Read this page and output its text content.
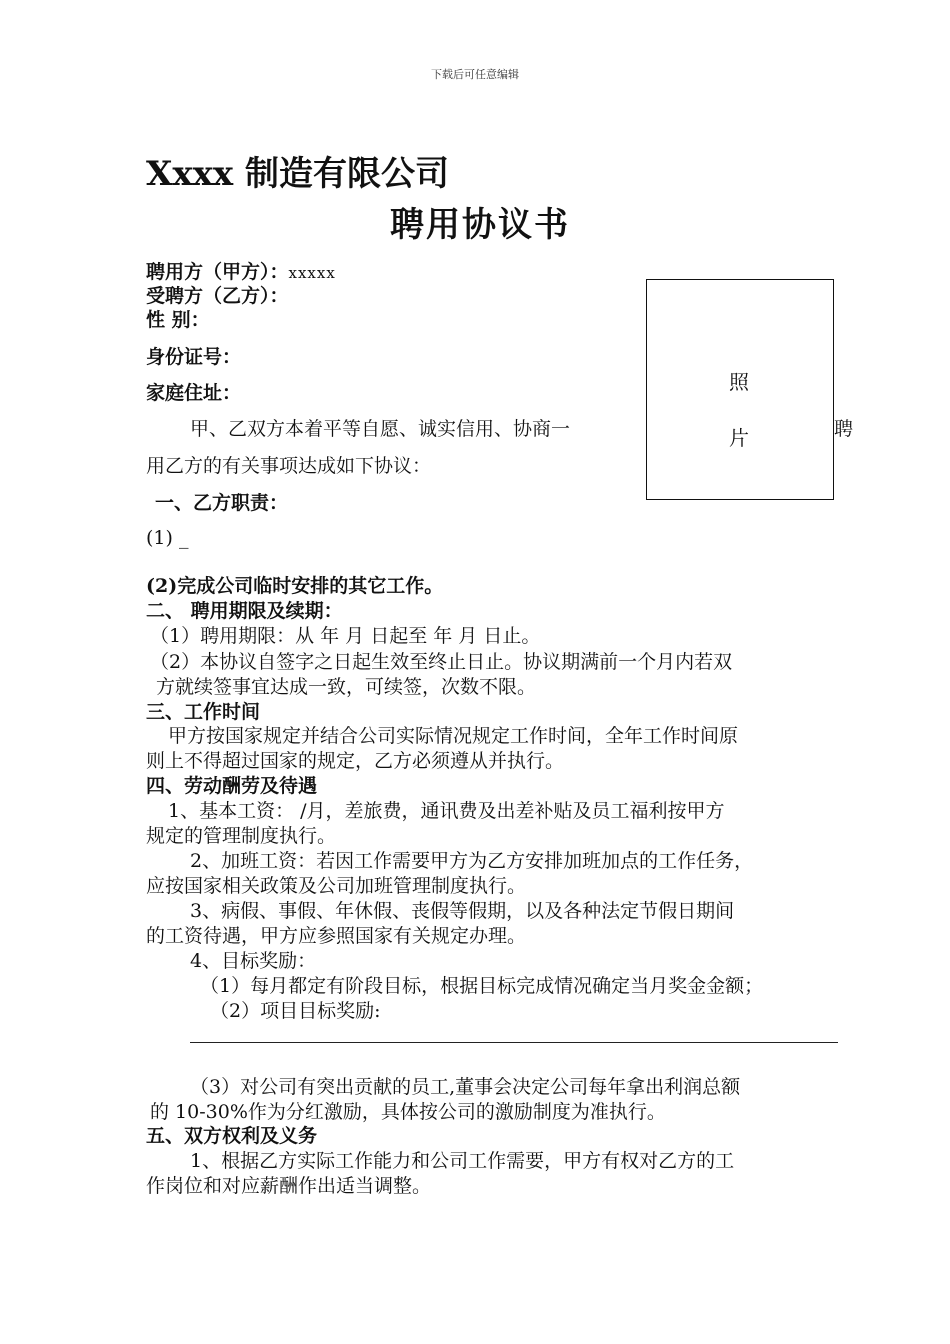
下载后可任意编辑
Xxxx 制造有限公司
聘用协议书
聘用方（甲方）：xxxxx
受聘方（乙方）：
性 别：
身份证号：
家庭住址：	照
片
甲、乙双方本着平等自愿、诚实信用、协商一	聘
用乙方的有关事项达成如下协议：
一、乙方职责：
(1) _
(2)完成公司临时安排的其它工作。
二、 聘用期限及续期：
（1）聘用期限：从 年 月 日起至 年 月 日止。
（2）本协议自签字之日起生效至终止日止。协议期满前一个月内若双
方就续签事宜达成一致，可续签，次数不限。
三、工作时间
甲方按国家规定并结合公司实际情况规定工作时间，全年工作时间原
则上不得超过国家的规定，乙方必须遵从并执行。
四、劳动酬劳及待遇
1、基本工资： /月，差旅费，通讯费及出差补贴及员工福利按甲方
规定的管理制度执行。
2、加班工资：若因工作需要甲方为乙方安排加班加点的工作任务，
应按国家相关政策及公司加班管理制度执行。
3、病假、事假、年休假、丧假等假期，以及各种法定节假日期间
的工资待遇，甲方应参照国家有关规定办理。
4、目标奖励：
（1）每月都定有阶段目标，根据目标完成情况确定当月奖金金额；
（2）项目目标奖励:
（3）对公司有突出贡献的员工,董事会决定公司每年拿出利润总额
的 10-30%作为分红激励，具体按公司的激励制度为准执行。
五、双方权利及义务
1、根据乙方实际工作能力和公司工作需要，甲方有权对乙方的工
作岗位和对应薪酬作出适当调整。
